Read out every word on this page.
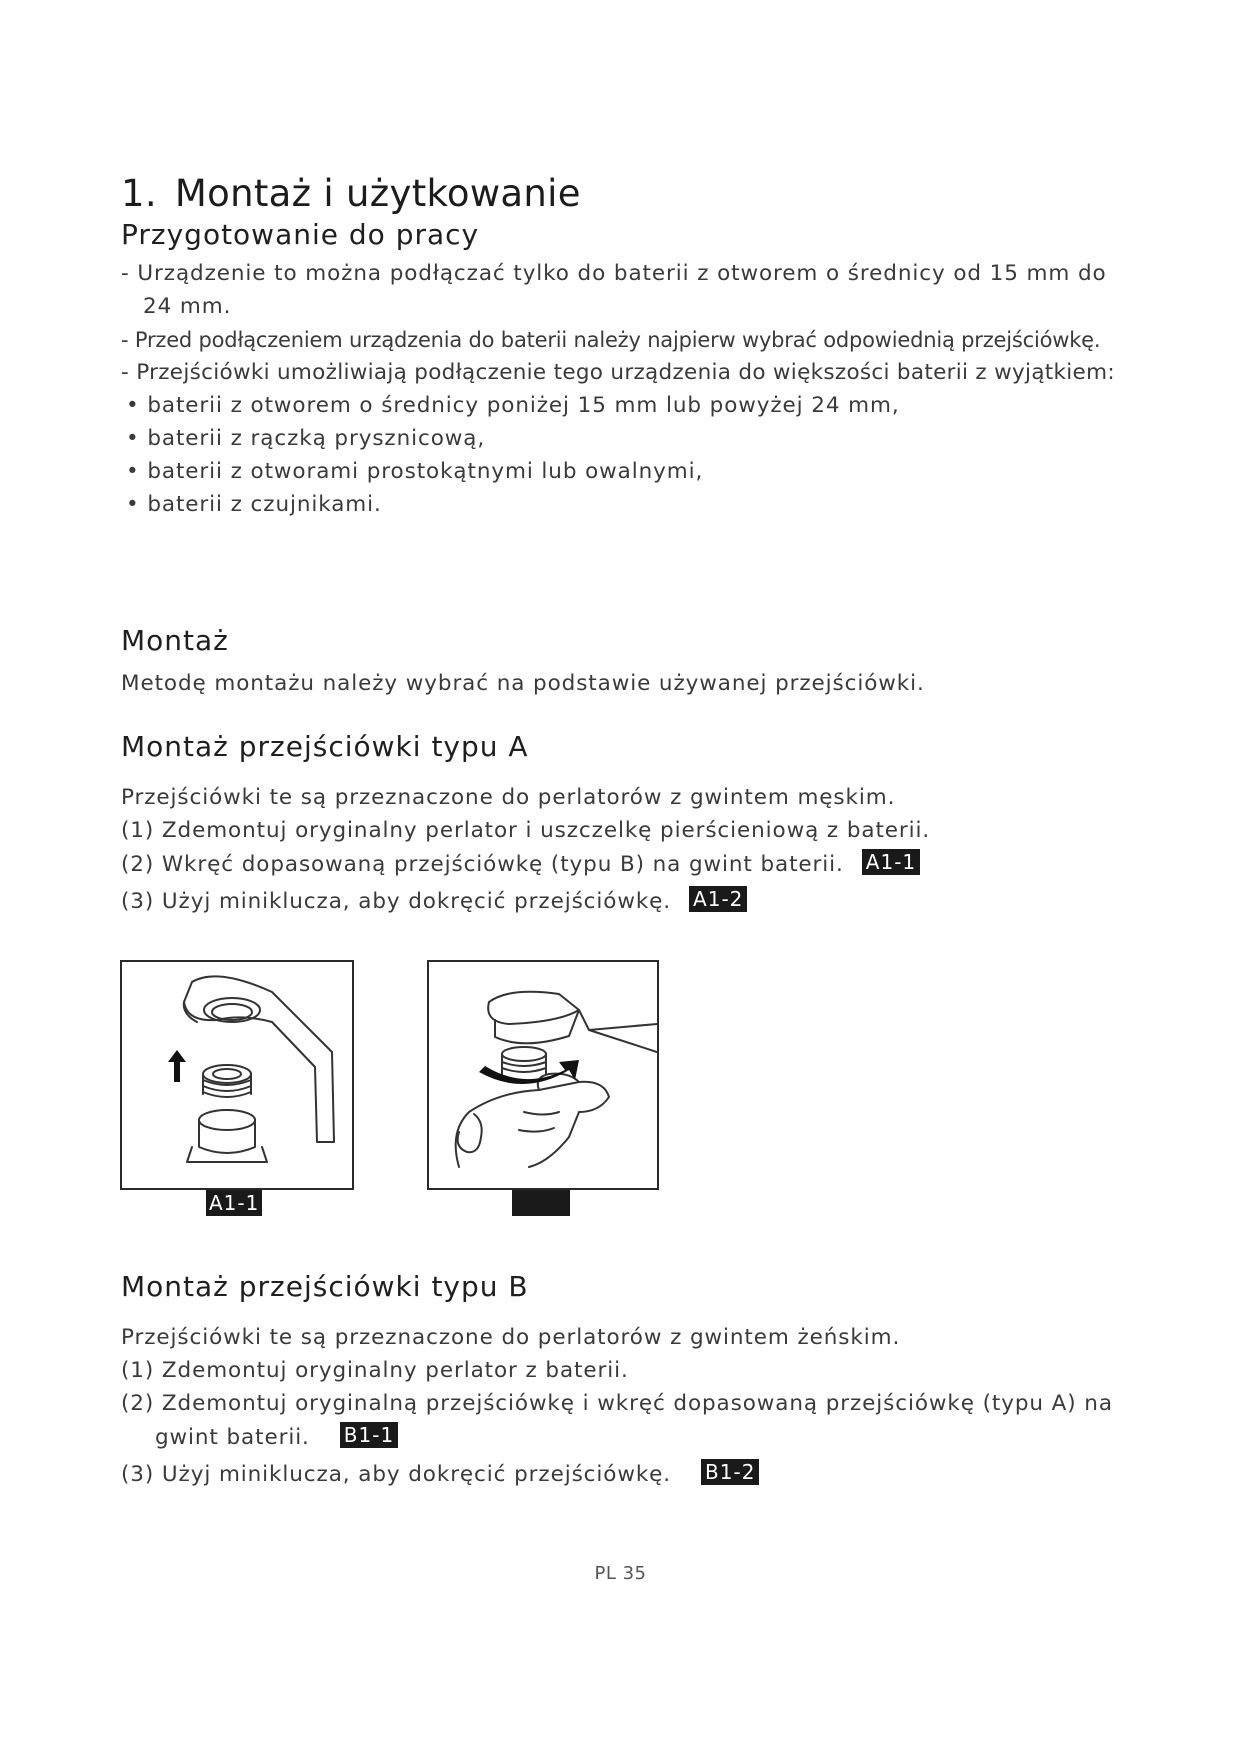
1. Montaż i użytkowanie
Przygotowanie do pracy
- Urządzenie to można podłączać tylko do baterii z otworem o średnicy od 15 mm do
24 mm.
- Przed podłączeniem urządzenia do baterii należy najpierw wybrać odpowiednią przejściówkę.
- Przejściówki umożliwiają podłączenie tego urządzenia do większości baterii z wyjątkiem:
• baterii z otworem o średnicy poniżej 15 mm lub powyżej 24 mm,
• baterii z rączką prysznicową,
• baterii z otworami prostokątnymi lub owalnymi,
• baterii z czujnikami.
Montaż
Metodę montażu należy wybrać na podstawie używanej przejściówki.
Montaż przejściówki typu A
Przejściówki te są przeznaczone do perlatorów z gwintem męskim.
(1) Zdemontuj oryginalny perlator i uszczelkę pierścieniową z baterii.
(2) Wkręć dopasowaną przejściówkę (typu B) na gwint baterii. A1-1
(3) Użyj miniklucza, aby dokręcić przejściówkę. A1-2
A1-1
Montaż przejściówki typu B
Przejściówki te są przeznaczone do perlatorów z gwintem żeńskim.
(1) Zdemontuj oryginalny perlator z baterii.
(2) Zdemontuj oryginalną przejściówkę i wkręć dopasowaną przejściówkę (typu A) na
gwint baterii. B1-1
(3) Użyj miniklucza, aby dokręcić przejściówkę. B1-2
PL 35
